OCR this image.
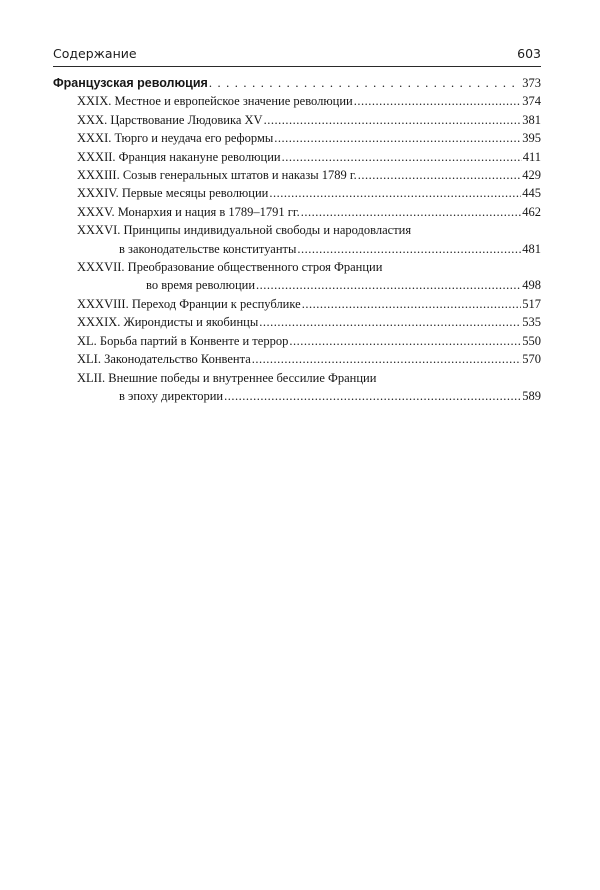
Содержание	603
Французская революция . . .	373
XXIX. Местное и европейское значение революции .....	374
XXX. Царствование Людовика XV .....	381
XXXI. Тюрго и неудача его реформы .....	395
XXXII. Франция накануне революции .....	411
XXXIII. Созыв генеральных штатов и наказы 1789 г. .....	429
XXXIV. Первые месяцы революции .....	445
XXXV. Монархия и нация в 1789–1791 гг. .....	462
XXXVI. Принципы индивидуальной свободы и народовластия
в законодательстве конституанты .....	481
XXXVII. Преобразование общественного строя Франции
во время революции .....	498
XXXVIII. Переход Франции к республике .....	517
XXXIX. Жирондисты и якобинцы .....	535
XL. Борьба партий в Конвенте и террор .....	550
XLI. Законодательство Конвента .....	570
XLII. Внешние победы и внутреннее бессилие Франции
в эпоху директории .....	589
